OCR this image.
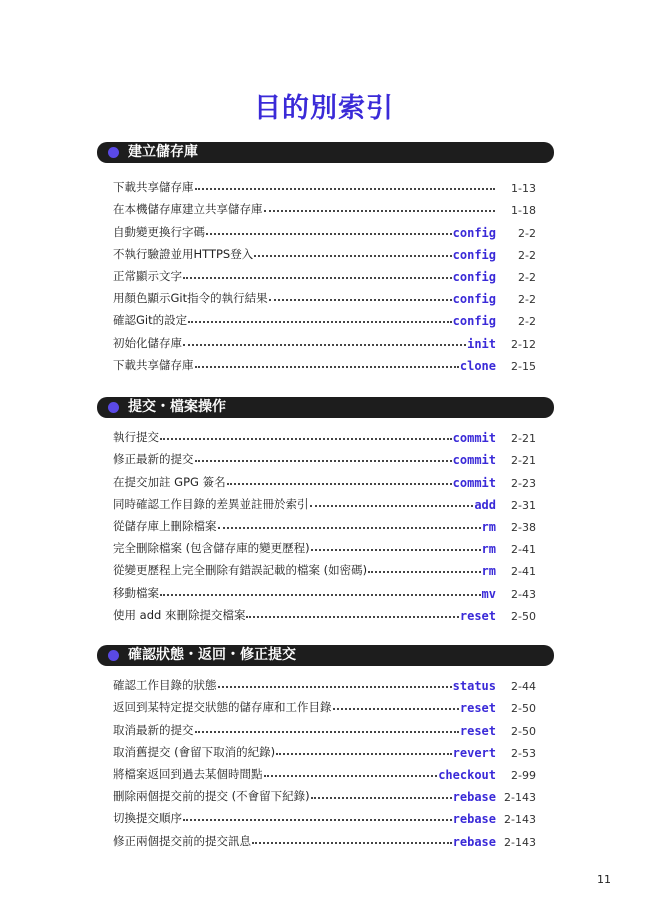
目的別索引
建立儲存庫
下載共享儲存庫	1-13
在本機儲存庫建立共享儲存庫	1-18
自動變更換行字碼	config	2-2
不執行驗證並用HTTPS登入	config	2-2
正常顯示文字	config	2-2
用顏色顯示Git指令的執行結果	config	2-2
確認Git的設定	config	2-2
初始化儲存庫	init	2-12
下載共享儲存庫	clone	2-15
提交・檔案操作
執行提交	commit	2-21
修正最新的提交	commit	2-21
在提交加註 GPG 簽名	commit	2-23
同時確認工作目錄的差異並註冊於索引	add	2-31
從儲存庫上刪除檔案	rm	2-38
完全刪除檔案 (包含儲存庫的變更歷程)	rm	2-41
從變更歷程上完全刪除有錯誤記載的檔案 (如密碼)	rm	2-41
移動檔案	mv	2-43
使用 add 來刪除提交檔案	reset	2-50
確認狀態・返回・修正提交
確認工作目錄的狀態	status	2-44
返回到某特定提交狀態的儲存庫和工作目錄	reset	2-50
取消最新的提交	reset	2-50
取消舊提交 (會留下取消的紀錄)	revert	2-53
將檔案返回到過去某個時間點	checkout	2-99
刪除兩個提交前的提交 (不會留下紀錄)	rebase 2-143
切換提交順序	rebase 2-143
修正兩個提交前的提交訊息	rebase 2-143
11
